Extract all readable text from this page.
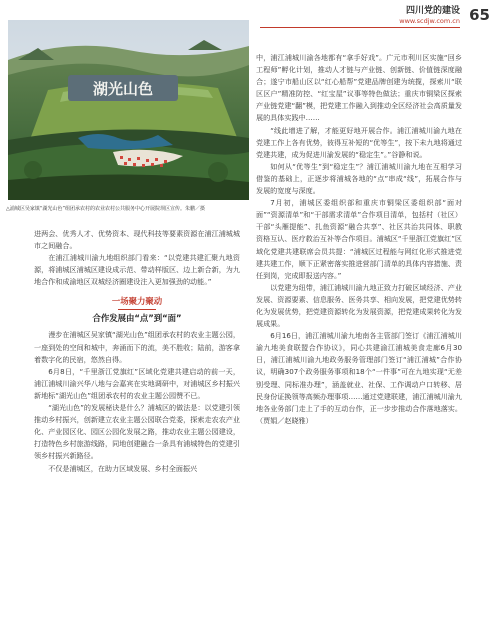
四川党的建设
www.scdjw.com.cn 65
湖光山色
△浦城区吴家镇“湖光山色”组团承农村的农业农村公共服务中心开展院坝区宣传。朱鹏／摄

进两会、优秀人才、优势资本、现代科技等要素资源在浦江浦城城市之间融合。

在浦江浦城川渝九地组织部门看来：“以党建共建汇聚九地资源，将浦城区浦城区建设成示范、带动样版区、边上新合新，为九地合作和成渝地区双城经济圈建设注入更加强劲的动能。”

一场聚力聚动
合作发展由“点”到“面”

漫步在浦城区吴家镇“湖光山色”组团承农村的农业主题公园，一座到处的空间和城中，奔涌而下的流，美不胜收；陆前，游客拿着数字化的民宿，悠然自得。

6月8日，“千里浙江党旗红”区域化党建共建启动的前一天，浦江浦城川渝兴华八地与会嘉宾在实地调研中，对浦城区乡村振兴新地标“湖光山色”组团承农村的农业主题公园赞不已。

“湖光山色”的发展秘诀是什么？浦城区的做法是：以党建引领推动乡村振兴，创新建立农业主题公园联合党委，探索走农农产业化、产业园区化、园区公园化发展之路，推动农业主题公园建设，打造特色乡村旅游线路，同地创建融合一条具有浦城特色的党建引领乡村振兴新路径。

不仅是浦城区，在助力区域发展、乡村全面振兴

中，浦江浦城川渝各地都有“拿手好戏”。广元市利川区实施“回乡工程师”孵化计划，推动人才链与产业链、创新链、价值链深度融合；遂宁市船山区以“红心船帮”党建品牌创建为统揽，探索川“联区区户”精准防控、“红宝屋”议事等特色做法；重庆市铜梁区探索产业链党建“翻”模，把党建工作融入到推动全区经济社会高质量发展的具体实践中……

“线此增进了解，才能更好地开展合作。浦江浦城川渝九地在党建工作上各有优势，彼得互补短的“优等生”，按下未九地将通过党建共建，成为促进川渝发展的“稳定生”。”谷静和说。

如何从“优等生”到“稳定生”？浦江浦城川渝九地在互相学习借鉴的基础上，正逐步将浦城各地的“点”串成“线”，拓展合作与发展的宽度与深度。

7月初，浦城区委组织部和重庆市铜梁区委组织部“面对面”“资源清单”和“干部需求清单”合作项目清单，包括村（社区）干部“头雁提能”、扎鱼资源“融合共享”、社区共治共同体、职教资格互认、医疗救治互补等合作项目。浦城区“千里浙江党旗红”区域化党建共建联席会员共提：“浦城区过程能与网红化形式推进党建共建工作，顺下正紧密落实推进营部门清单的具体内容措施、责任到岗，完成即报送内容。”

以党建为纽带，浦江浦城川渝九地正致力打破区域经济、产业发展、资源要素、信息服务、医务共享、相向发展，把党建优势转化为发展优势，把党建资源转化为发展资源，把党建成果转化为发展成果。

6月16日，浦江浦城川渝九地南各主管部门签订《浦江浦城川渝九地美食联盟合作协议》，同心共建渝江浦城美食走廊6月30日，浦江浦城川渝九地政务服务管理部门签订“浦江浦城”合作协议，明确307个政务服务事项和18个“一件事”可在九地实现“无差别受理、同标准办理”，涵盖就业、社保、工作调动户口转移、居民身份证换领等高频办理事项……通过党建联建，浦江浦城川渝九地各业务部门走上了手的互动台作，正一步步推动合作落地落实。（贾娟／赵晓雅）
